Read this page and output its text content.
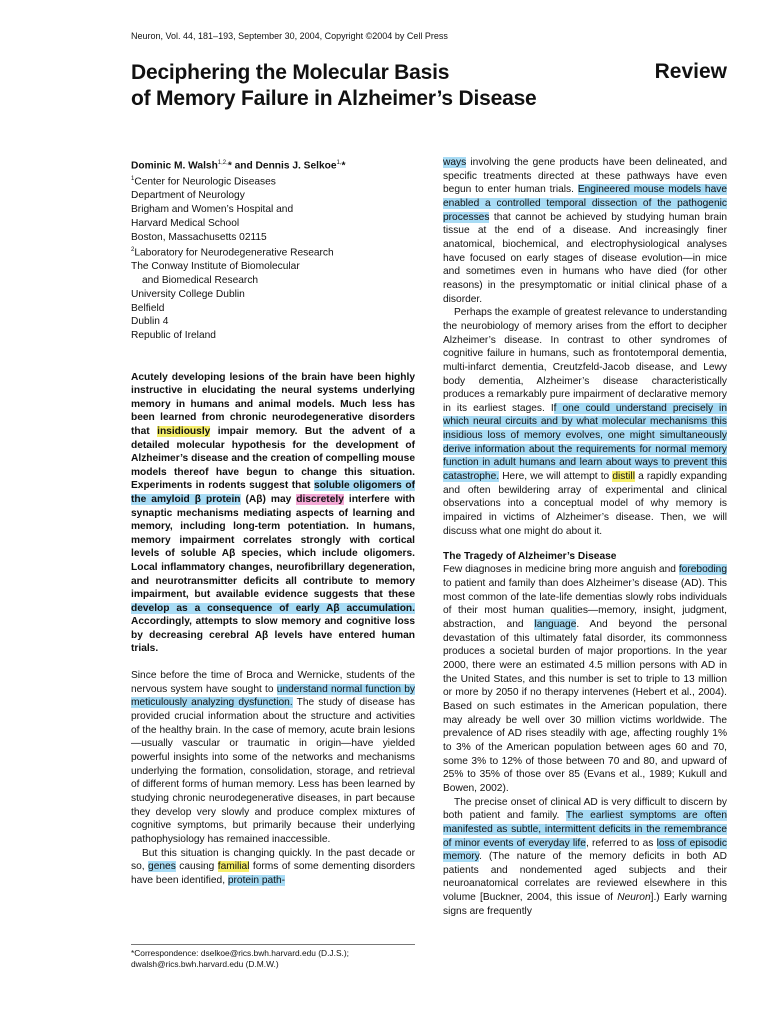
Neuron, Vol. 44, 181–193, September 30, 2004, Copyright ©2004 by Cell Press
Deciphering the Molecular Basis
of Memory Failure in Alzheimer’s Disease
Review

Dominic M. Walsh$^{1,2,}$* and Dennis J. Selkoe$^{1,}$*

$^1$Center for Neurologic Diseases
Department of Neurology
Brigham and Women’s Hospital and
Harvard Medical School
Boston, Massachusetts 02115
$^2$Laboratory for Neurodegenerative Research
The Conway Institute of Biomolecular
and Biomedical Research
University College Dublin
Belfield
Dublin 4
Republic of Ireland

Acutely developing lesions of the brain have been highly instructive in elucidating the neural systems underlying memory in humans and animal models. Much less has been learned from chronic neurodegenerative disorders that insidiously impair memory. But the advent of a detailed molecular hypothesis for the development of Alzheimer’s disease and the creation of compelling mouse models thereof have begun to change this situation. Experiments in rodents suggest that soluble oligomers of the amyloid β protein (Aβ) may discretely interfere with synaptic mechanisms mediating aspects of learning and memory, including long-term potentiation. In humans, memory impairment correlates strongly with cortical levels of soluble Aβ species, which include oligomers. Local inflammatory changes, neurofibrillary degeneration, and neurotransmitter deficits all contribute to memory impairment, but available evidence suggests that these develop as a consequence of early Aβ accumulation. Accordingly, attempts to slow memory and cognitive loss by decreasing cerebral Aβ levels have entered human trials.

Since before the time of Broca and Wernicke, students of the nervous system have sought to understand normal function by meticulously analyzing dysfunction. The study of disease has provided crucial information about the structure and activities of the healthy brain. In the case of memory, acute brain lesions—usually vascular or traumatic in origin—have yielded powerful insights into some of the networks and mechanisms underlying the formation, consolidation, storage, and retrieval of different forms of human memory. Less has been learned by studying chronic neurodegenerative diseases, in part because they develop very slowly and produce complex mixtures of cognitive symptoms, but primarily because their underlying pathophysiology has remained inaccessible.

But this situation is changing quickly. In the past decade or so, genes causing familial forms of some dementing disorders have been identified, protein path-

*Correspondence: dselkoe@rics.bwh.harvard.edu (D.J.S.); dwalsh@rics.bwh.harvard.edu (D.M.W.)

ways involving the gene products have been delineated, and specific treatments directed at these pathways have even begun to enter human trials. Engineered mouse models have enabled a controlled temporal dissection of the pathogenic processes that cannot be achieved by studying human brain tissue at the end of a disease. And increasingly finer anatomical, biochemical, and electrophysiological analyses have focused on early stages of disease evolution—in mice and sometimes even in humans who have died (for other reasons) in the presymptomatic or initial clinical phase of a disorder.

Perhaps the example of greatest relevance to understanding the neurobiology of memory arises from the effort to decipher Alzheimer’s disease. In contrast to other syndromes of cognitive failure in humans, such as frontotemporal dementia, multi-infarct dementia, Creutzfeld-Jacob disease, and Lewy body dementia, Alzheimer’s disease characteristically produces a remarkably pure impairment of declarative memory in its earliest stages. If one could understand precisely in which neural circuits and by what molecular mechanisms this insidious loss of memory evolves, one might simultaneously derive information about the requirements for normal memory function in adult humans and learn about ways to prevent this catastrophe. Here, we will attempt to distill a rapidly expanding and often bewildering array of experimental and clinical observations into a conceptual model of why memory is impaired in victims of Alzheimer’s disease. Then, we will discuss what one might do about it.

The Tragedy of Alzheimer’s Disease

Few diagnoses in medicine bring more anguish and foreboding to patient and family than does Alzheimer’s disease (AD). This most common of the late-life dementias slowly robs individuals of their most human qualities—memory, insight, judgment, abstraction, and language. And beyond the personal devastation of this ultimately fatal disorder, its commonness produces a societal burden of major proportions. In the year 2000, there were an estimated 4.5 million persons with AD in the United States, and this number is set to triple to 13 million or more by 2050 if no therapy intervenes (Hebert et al., 2004). Based on such estimates in the American population, there may already be well over 30 million victims worldwide. The prevalence of AD rises steadily with age, affecting roughly 1% to 3% of the American population between ages 60 and 70, some 3% to 12% of those between 70 and 80, and upward of 25% to 35% of those over 85 (Evans et al., 1989; Kukull and Bowen, 2002).

The precise onset of clinical AD is very difficult to discern by both patient and family. The earliest symptoms are often manifested as subtle, intermittent deficits in the remembrance of minor events of everyday life, referred to as loss of episodic memory. (The nature of the memory deficits in both AD patients and nondemented aged subjects and their neuroanatomical correlates are reviewed elsewhere in this volume [Buckner, 2004, this issue of Neuron].) Early warning signs are frequently
